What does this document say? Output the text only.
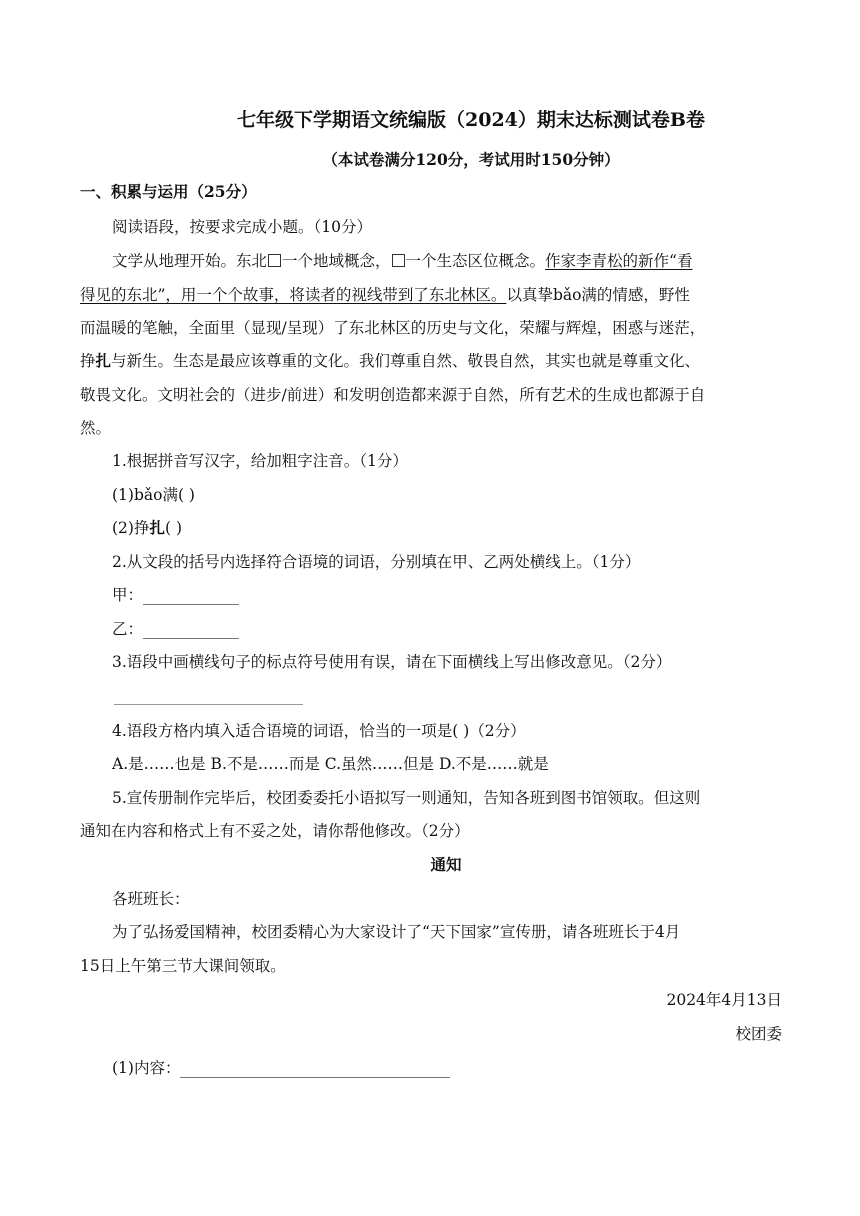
七年级下学期语文统编版（2024）期末达标测试卷B卷
（本试卷满分120分，考试用时150分钟）
一、积累与运用（25分）
阅读语段，按要求完成小题。（10分）
文学从地理开始。东北 一个地域概念， 一个生态区位概念。作家李青松的新作“看
得见的东北”，用一个个故事，将读者的视线带到了东北林区。以真挚bǎo满的情感，野性
而温暖的笔触，全面里（显现/呈现）了东北林区的历史与文化，荣耀与辉煌，困惑与迷茫，
挣扎与新生。生态是最应该尊重的文化。我们尊重自然、敬畏自然，其实也就是尊重文化、
敬畏文化。文明社会的（进步/前进）和发明创造都来源于自然，所有艺术的生成也都源于自
然。
1.根据拼音写汉字，给加粗字注音。（1分）
(1)bǎo满( )
(2)挣扎( )
2.从文段的括号内选择符合语境的词语，分别填在甲、乙两处横线上。（1分）
甲：
乙：
3.语段中画横线句子的标点符号使用有误，请在下面横线上写出修改意见。（2分）
4.语段方格内填入适合语境的词语，恰当的一项是( )（2分）
A.是……也是 B.不是……而是 C.虽然……但是 D.不是……就是
5.宣传册制作完毕后，校团委委托小语拟写一则通知，告知各班到图书馆领取。但这则
通知在内容和格式上有不妥之处，请你帮他修改。（2分）
通知
各班班长：
为了弘扬爱国精神，校团委精心为大家设计了“天下国家”宣传册，请各班班长于4月
15日上午第三节大课间领取。
2024年4月13日
校团委
(1)内容：
